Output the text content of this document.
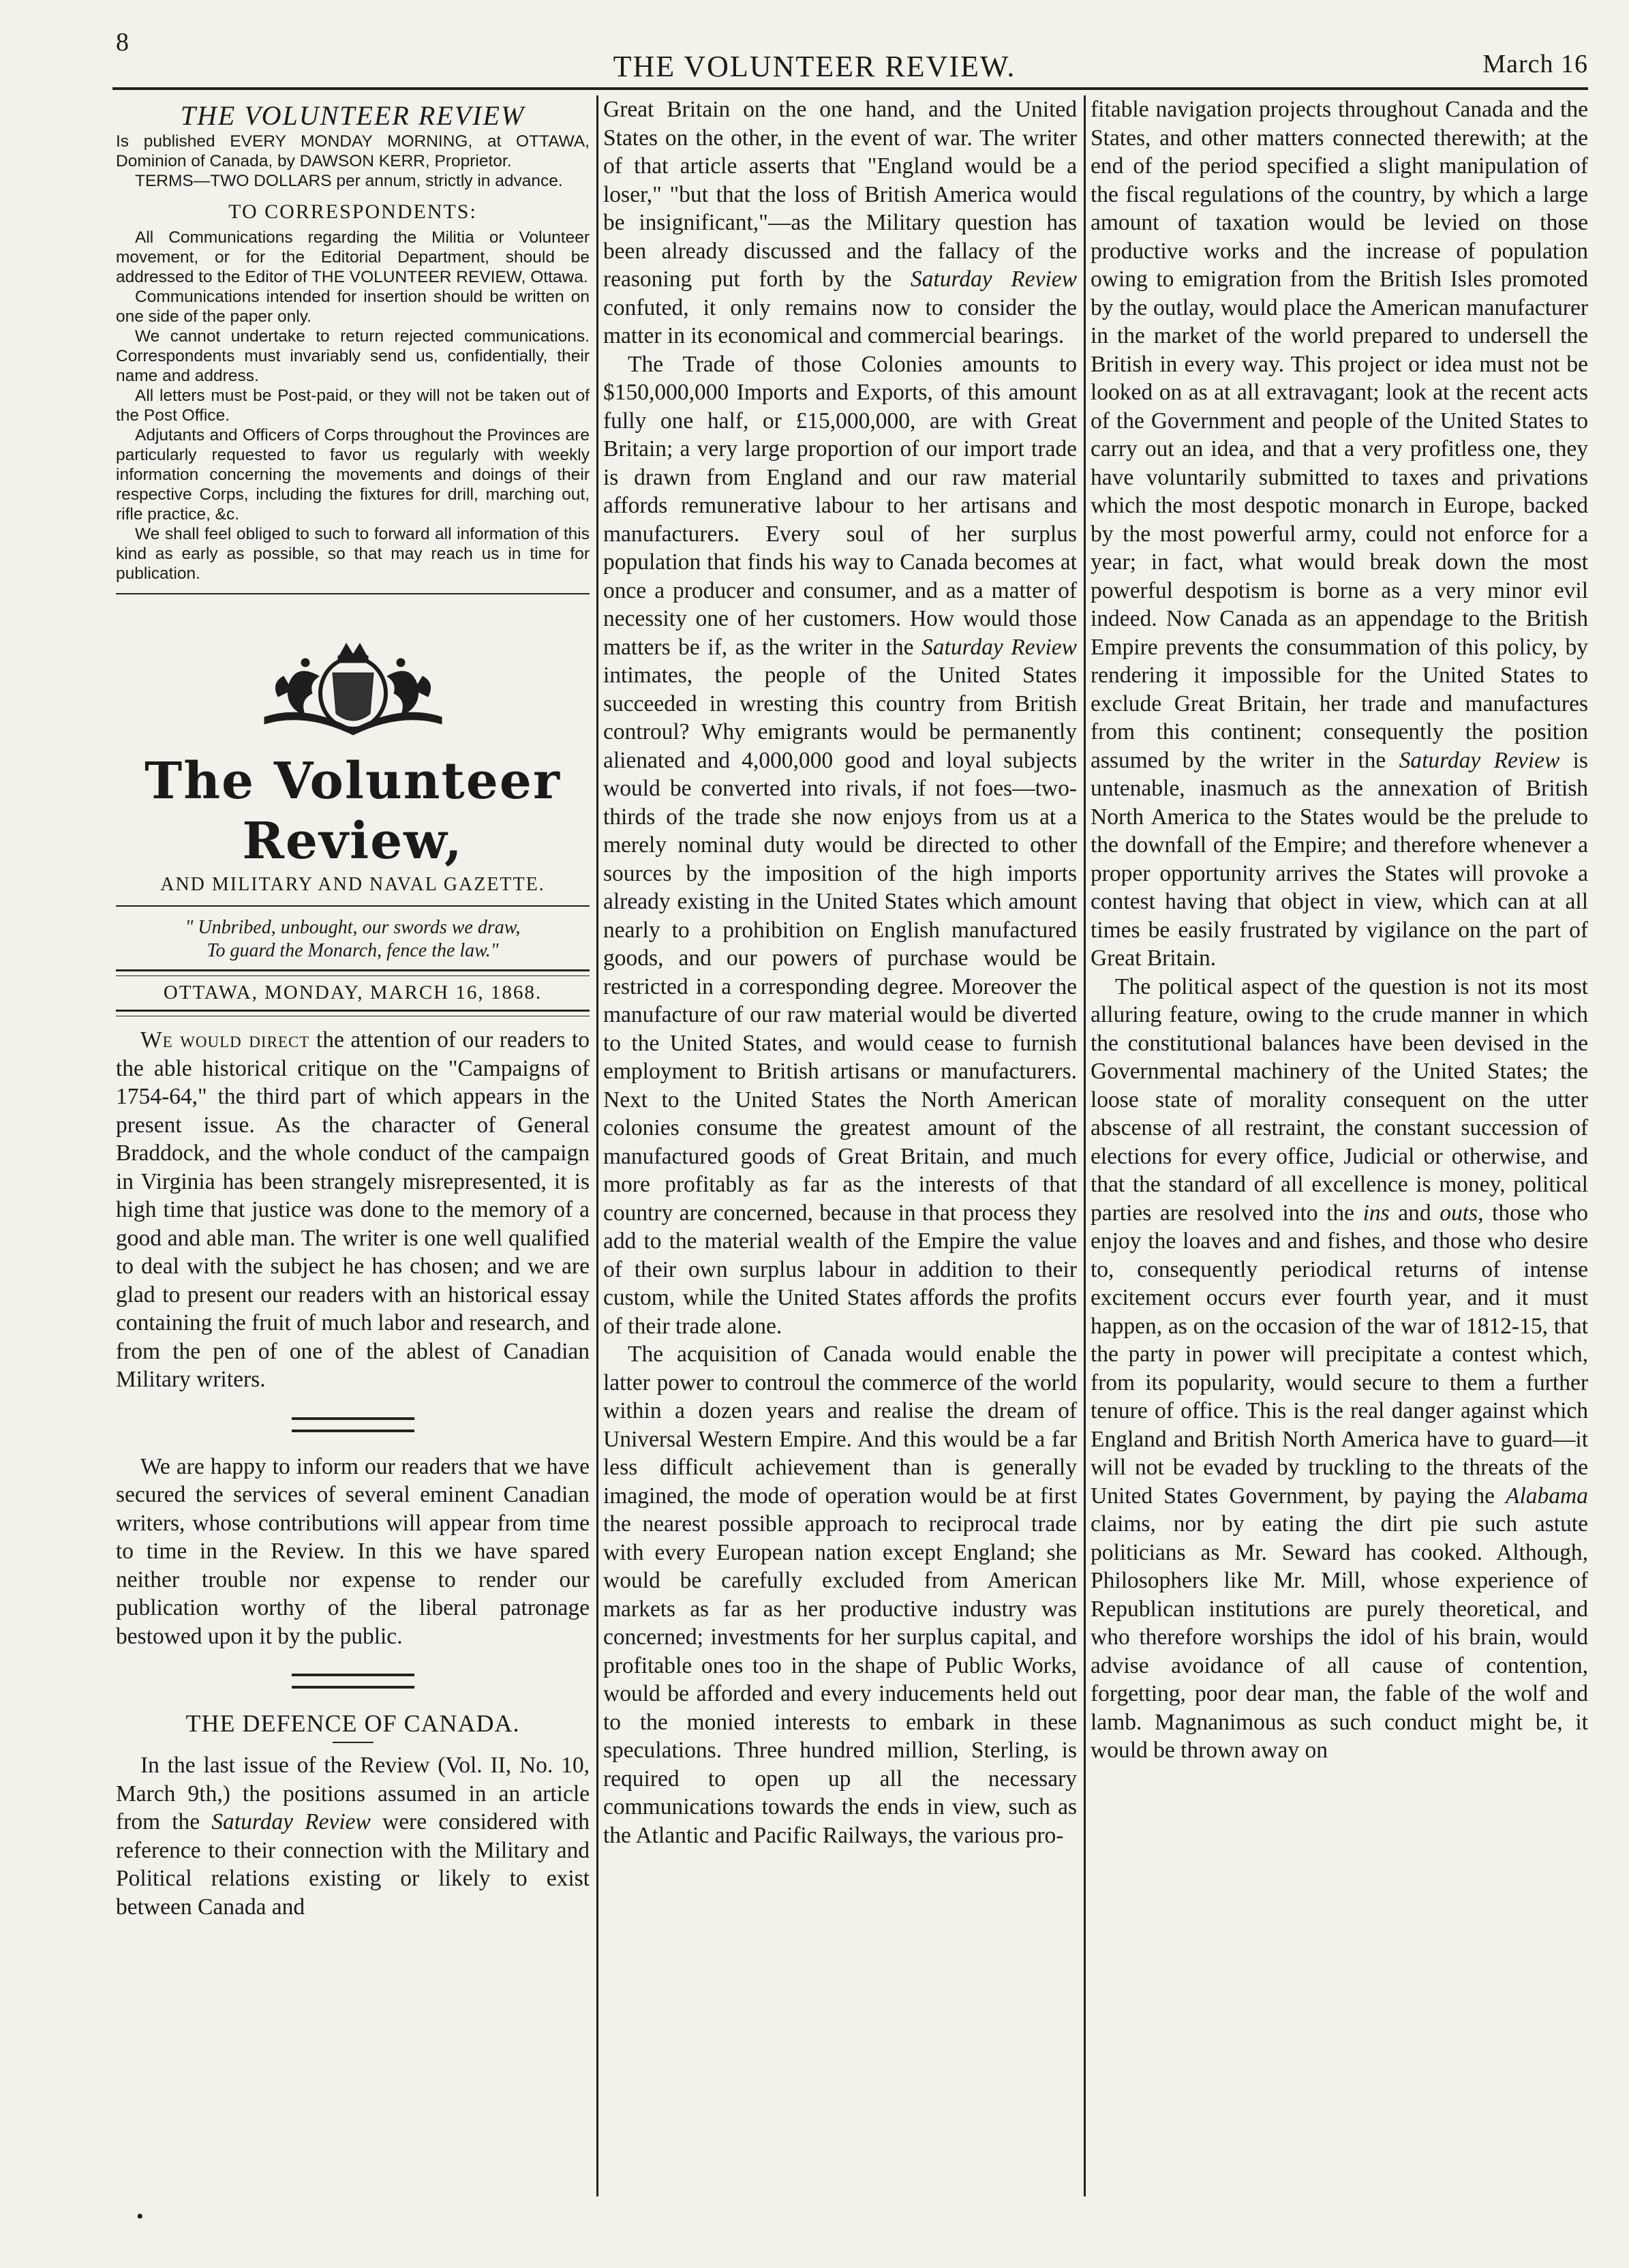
8
THE VOLUNTEER REVIEW.	March 16
THE VOLUNTEER REVIEW

Is published EVERY MONDAY MORNING, at OTTAWA, Dominion of Canada, by DAWSON KERR, Proprietor.

TERMS—TWO DOLLARS per annum, strictly in advance.

TO CORRESPONDENTS:

All Communications regarding the Militia or Volunteer movement, or for the Editorial Department, should be addressed to the Editor of THE VOLUNTEER REVIEW, Ottawa.

Communications intended for insertion should be written on one side of the paper only.

We cannot undertake to return rejected communications. Correspondents must invariably send us, confidentially, their name and address.

All letters must be Post-paid, or they will not be taken out of the Post Office.

Adjutants and Officers of Corps throughout the Provinces are particularly requested to favor us regularly with weekly information concerning the movements and doings of their respective Corps, including the fixtures for drill, marching out, rifle practice, &c.

We shall feel obliged to such to forward all information of this kind as early as possible, so that may reach us in time for publication.

The Volunteer Review,
AND MILITARY AND NAVAL GAZETTE.
" Unbribed, unbought, our swords we draw,
To guard the Monarch, fence the law."
OTTAWA, MONDAY, MARCH 16, 1868.

We would direct the attention of our readers to the able historical critique on the "Campaigns of 1754-64," the third part of which appears in the present issue. As the character of General Braddock, and the whole conduct of the campaign in Virginia has been strangely misrepresented, it is high time that justice was done to the memory of a good and able man. The writer is one well qualified to deal with the subject he has chosen; and we are glad to present our readers with an historical essay containing the fruit of much labor and research, and from the pen of one of the ablest of Canadian Military writers.

We are happy to inform our readers that we have secured the services of several eminent Canadian writers, whose contributions will appear from time to time in the Review. In this we have spared neither trouble nor expense to render our publication worthy of the liberal patronage bestowed upon it by the public.

THE DEFENCE OF CANADA.

In the last issue of the Review (Vol. II, No. 10, March 9th,) the positions assumed in an article from the Saturday Review were considered with reference to their connection with the Military and Political relations existing or likely to exist between Canada and

Great Britain on the one hand, and the United States on the other, in the event of war. The writer of that article asserts that "England would be a loser," "but that the loss of British America would be insignificant,"—as the Military question has been already discussed and the fallacy of the reasoning put forth by the Saturday Review confuted, it only remains now to consider the matter in its economical and commercial bearings.

The Trade of those Colonies amounts to $150,000,000 Imports and Exports, of this amount fully one half, or £15,000,000, are with Great Britain; a very large proportion of our import trade is drawn from England and our raw material affords remunerative labour to her artisans and manufacturers. Every soul of her surplus population that finds his way to Canada becomes at once a producer and consumer, and as a matter of necessity one of her customers. How would those matters be if, as the writer in the Saturday Review intimates, the people of the United States succeeded in wresting this country from British controul? Why emigrants would be permanently alienated and 4,000,000 good and loyal subjects would be converted into rivals, if not foes—two-thirds of the trade she now enjoys from us at a merely nominal duty would be directed to other sources by the imposition of the high imports already existing in the United States which amount nearly to a prohibition on English manufactured goods, and our powers of purchase would be restricted in a corresponding degree. Moreover the manufacture of our raw material would be diverted to the United States, and would cease to furnish employment to British artisans or manufacturers. Next to the United States the North American colonies consume the greatest amount of the manufactured goods of Great Britain, and much more profitably as far as the interests of that country are concerned, because in that process they add to the material wealth of the Empire the value of their own surplus labour in addition to their custom, while the United States affords the profits of their trade alone.

The acquisition of Canada would enable the latter power to controul the commerce of the world within a dozen years and realise the dream of Universal Western Empire. And this would be a far less difficult achievement than is generally imagined, the mode of operation would be at first the nearest possible approach to reciprocal trade with every European nation except England; she would be carefully excluded from American markets as far as her productive industry was concerned; investments for her surplus capital, and profitable ones too in the shape of Public Works, would be afforded and every inducements held out to the monied interests to embark in these speculations. Three hundred million, Sterling, is required to open up all the necessary communications towards the ends in view, such as the Atlantic and Pacific Railways, the various pro-

fitable navigation projects throughout Canada and the States, and other matters connected therewith; at the end of the period specified a slight manipulation of the fiscal regulations of the country, by which a large amount of taxation would be levied on those productive works and the increase of population owing to emigration from the British Isles promoted by the outlay, would place the American manufacturer in the market of the world prepared to undersell the British in every way. This project or idea must not be looked on as at all extravagant; look at the recent acts of the Government and people of the United States to carry out an idea, and that a very profitless one, they have voluntarily submitted to taxes and privations which the most despotic monarch in Europe, backed by the most powerful army, could not enforce for a year; in fact, what would break down the most powerful despotism is borne as a very minor evil indeed. Now Canada as an appendage to the British Empire prevents the consummation of this policy, by rendering it impossible for the United States to exclude Great Britain, her trade and manufactures from this continent; consequently the position assumed by the writer in the Saturday Review is untenable, inasmuch as the annexation of British North America to the States would be the prelude to the downfall of the Empire; and therefore whenever a proper opportunity arrives the States will provoke a contest having that object in view, which can at all times be easily frustrated by vigilance on the part of Great Britain.

The political aspect of the question is not its most alluring feature, owing to the crude manner in which the constitutional balances have been devised in the Governmental machinery of the United States; the loose state of morality consequent on the utter abscense of all restraint, the constant succession of elections for every office, Judicial or otherwise, and that the standard of all excellence is money, political parties are resolved into the ins and outs, those who enjoy the loaves and and fishes, and those who desire to, consequently periodical returns of intense excitement occurs ever fourth year, and it must happen, as on the occasion of the war of 1812-15, that the party in power will precipitate a contest which, from its popularity, would secure to them a further tenure of office. This is the real danger against which England and British North America have to guard—it will not be evaded by truckling to the threats of the United States Government, by paying the Alabama claims, nor by eating the dirt pie such astute politicians as Mr. Seward has cooked. Although, Philosophers like Mr. Mill, whose experience of Republican institutions are purely theoretical, and who therefore worships the idol of his brain, would advise avoidance of all cause of contention, forgetting, poor dear man, the fable of the wolf and lamb. Magnanimous as such conduct might be, it would be thrown away on

•
